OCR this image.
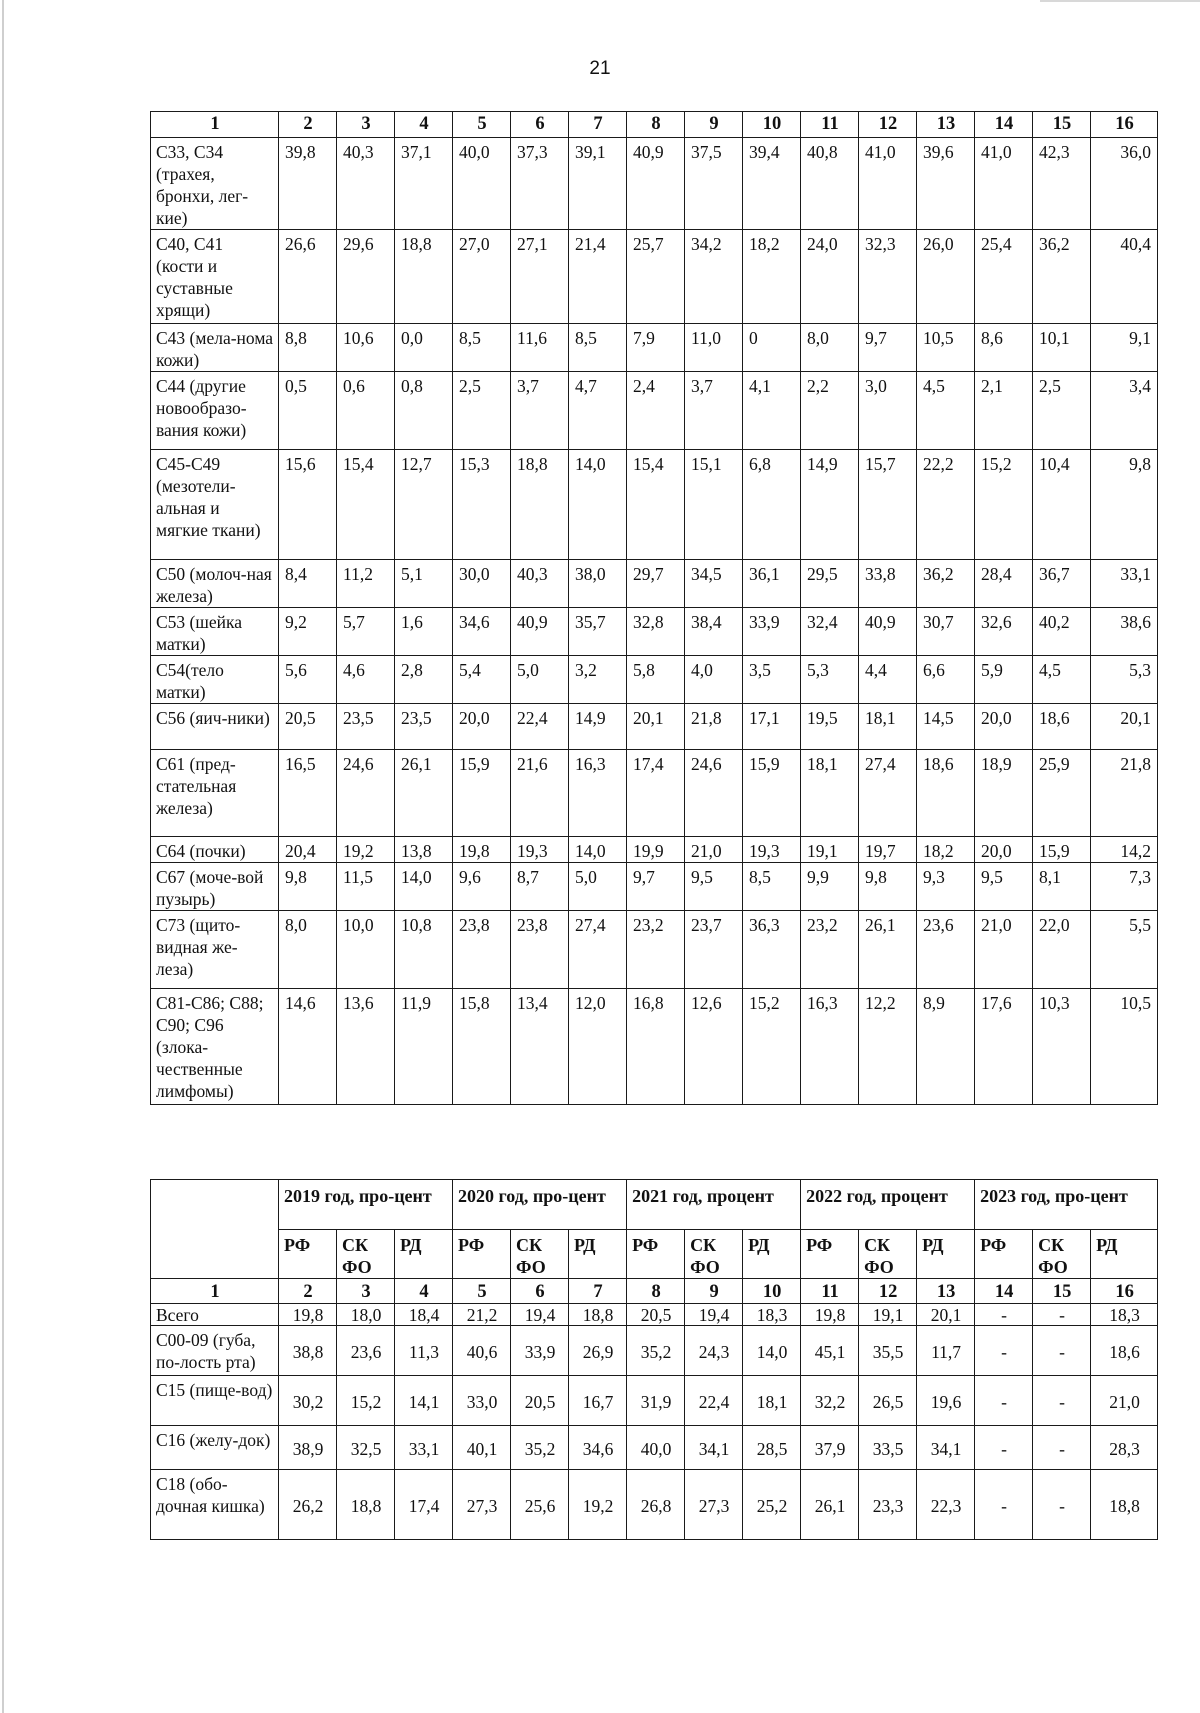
21
1	2	3	4	5	6	7	8	9	10	11	12	13	14	15	16
С33, С34 (трахея, бронхи, лег-кие)	39,8	40,3	37,1	40,0	37,3	39,1	40,9	37,5	39,4	40,8	41,0	39,6	41,0	42,3	36,0
С40, С41 (кости и суставные хрящи)	26,6	29,6	18,8	27,0	27,1	21,4	25,7	34,2	18,2	24,0	32,3	26,0	25,4	36,2	40,4
С43 (мела-нома кожи)	8,8	10,6	0,0	8,5	11,6	8,5	7,9	11,0	0	8,0	9,7	10,5	8,6	10,1	9,1
С44 (другие новообразо-вания кожи)	0,5	0,6	0,8	2,5	3,7	4,7	2,4	3,7	4,1	2,2	3,0	4,5	2,1	2,5	3,4
С45-С49 (мезотели-альная и мягкие ткани)	15,6	15,4	12,7	15,3	18,8	14,0	15,4	15,1	6,8	14,9	15,7	22,2	15,2	10,4	9,8
С50 (молоч-ная железа)	8,4	11,2	5,1	30,0	40,3	38,0	29,7	34,5	36,1	29,5	33,8	36,2	28,4	36,7	33,1
С53 (шейка матки)	9,2	5,7	1,6	34,6	40,9	35,7	32,8	38,4	33,9	32,4	40,9	30,7	32,6	40,2	38,6
С54(тело матки)	5,6	4,6	2,8	5,4	5,0	3,2	5,8	4,0	3,5	5,3	4,4	6,6	5,9	4,5	5,3
С56 (яич-ники)	20,5	23,5	23,5	20,0	22,4	14,9	20,1	21,8	17,1	19,5	18,1	14,5	20,0	18,6	20,1
С61 (пред-стательная железа)	16,5	24,6	26,1	15,9	21,6	16,3	17,4	24,6	15,9	18,1	27,4	18,6	18,9	25,9	21,8
С64 (почки)	20,4	19,2	13,8	19,8	19,3	14,0	19,9	21,0	19,3	19,1	19,7	18,2	20,0	15,9	14,2
С67 (моче-вой пузырь)	9,8	11,5	14,0	9,6	8,7	5,0	9,7	9,5	8,5	9,9	9,8	9,3	9,5	8,1	7,3
С73 (щито-видная же-леза)	8,0	10,0	10,8	23,8	23,8	27,4	23,2	23,7	36,3	23,2	26,1	23,6	21,0	22,0	5,5
С81-С86; С88; С90; С96 (злока-чественные лимфомы)	14,6	13,6	11,9	15,8	13,4	12,0	16,8	12,6	15,2	16,3	12,2	8,9	17,6	10,3	10,5
	2019 год, про-цент			2020 год, про-цент			2021 год, процент			2022 год, процент			2023 год, про-цент		
	РФ	СК ФО	РД	РФ	СК ФО	РД	РФ	СК ФО	РД	РФ	СК ФО	РД	РФ	СК ФО	РД
1	2	3	4	5	6	7	8	9	10	11	12	13	14	15	16
Всего	19,8	18,0	18,4	21,2	19,4	18,8	20,5	19,4	18,3	19,8	19,1	20,1	-	-	18,3
С00-09 (губа, по-лость рта)	38,8	23,6	11,3	40,6	33,9	26,9	35,2	24,3	14,0	45,1	35,5	11,7	-	-	18,6
С15 (пище-вод)	30,2	15,2	14,1	33,0	20,5	16,7	31,9	22,4	18,1	32,2	26,5	19,6	-	-	21,0
С16 (желу-док)	38,9	32,5	33,1	40,1	35,2	34,6	40,0	34,1	28,5	37,9	33,5	34,1	-	-	28,3
С18 (обо-дочная кишка)	26,2	18,8	17,4	27,3	25,6	19,2	26,8	27,3	25,2	26,1	23,3	22,3	-	-	18,8
